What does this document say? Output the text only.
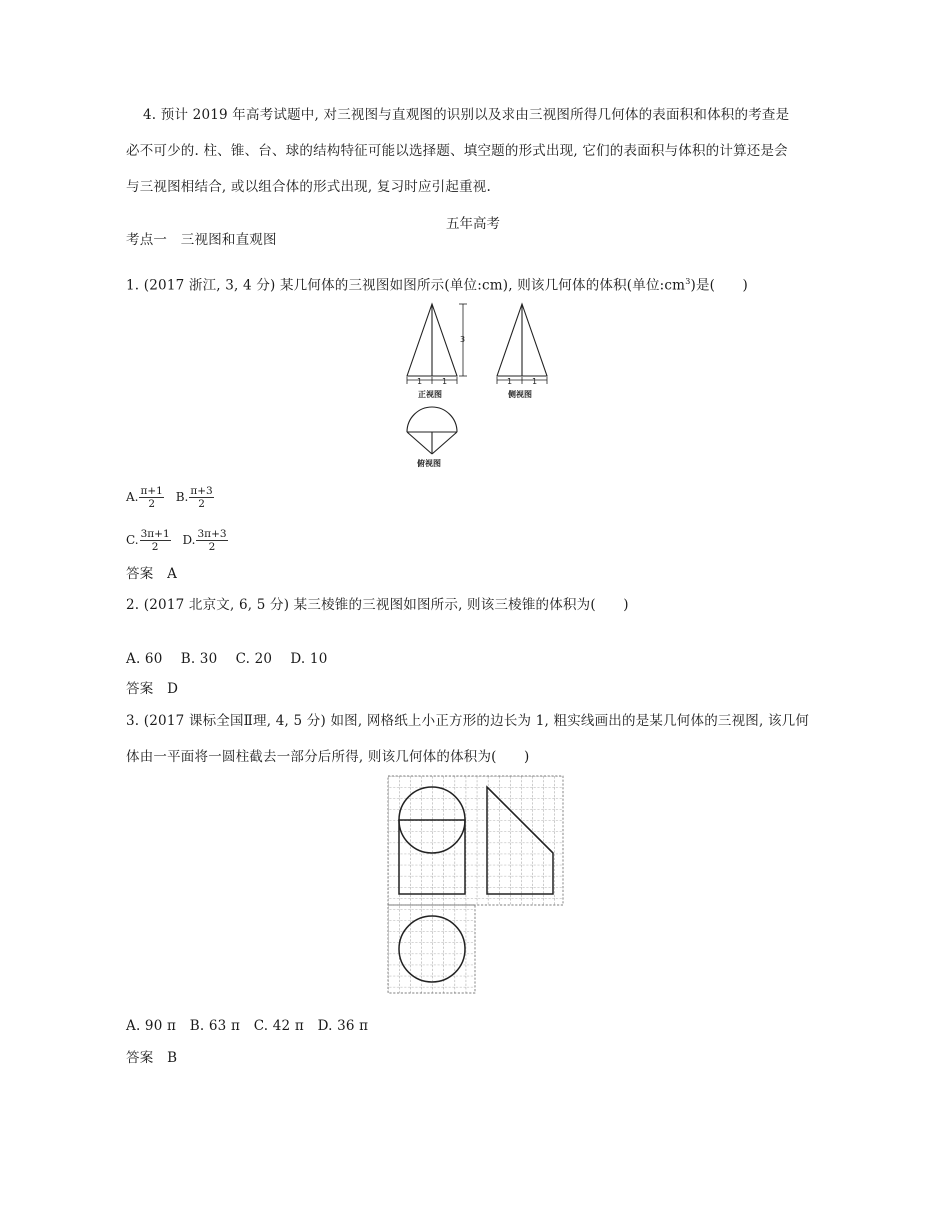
4. 预计 2019 年高考试题中, 对三视图与直观图的识别以及求由三视图所得几何体的表面积和体积的考查是
必不可少的. 柱、锥、台、球的结构特征可能以选择题、填空题的形式出现, 它们的表面积与体积的计算还是会
与三视图相结合, 或以组合体的形式出现, 复习时应引起重视.
五年高考
考点一　三视图和直观图
1. (2017 浙江, 3, 4 分) 某几何体的三视图如图所示(单位:cm), 则该几何体的体积(单位$:cm^3$)是(　　)
3
1 1
正视图
1 1
侧视图
俯视图
A. $\frac{\pi+1}{2} B$. $\frac{\pi+3}{2}$
C. $\frac{3\pi+1}{2} D$. $\frac{3\pi+3}{2}$
答案　A
2. (2017 北京文, 6, 5 分) 某三棱锥的三视图如图所示, 则该三棱锥的体积为(　　)
A. 60　 B. 30　 C. 20　 D. 10
答案　D
3. (2017 课标全国Ⅱ理, 4, 5 分) 如图, 网格纸上小正方形的边长为 1, 粗实线画出的是某几何体的三视图, 该几何
体由一平面将一圆柱截去一部分后所得, 则该几何体的体积为(　　)
A. 90 π　B. 63 π　C. 42 π　D. 36 π
答案　B
